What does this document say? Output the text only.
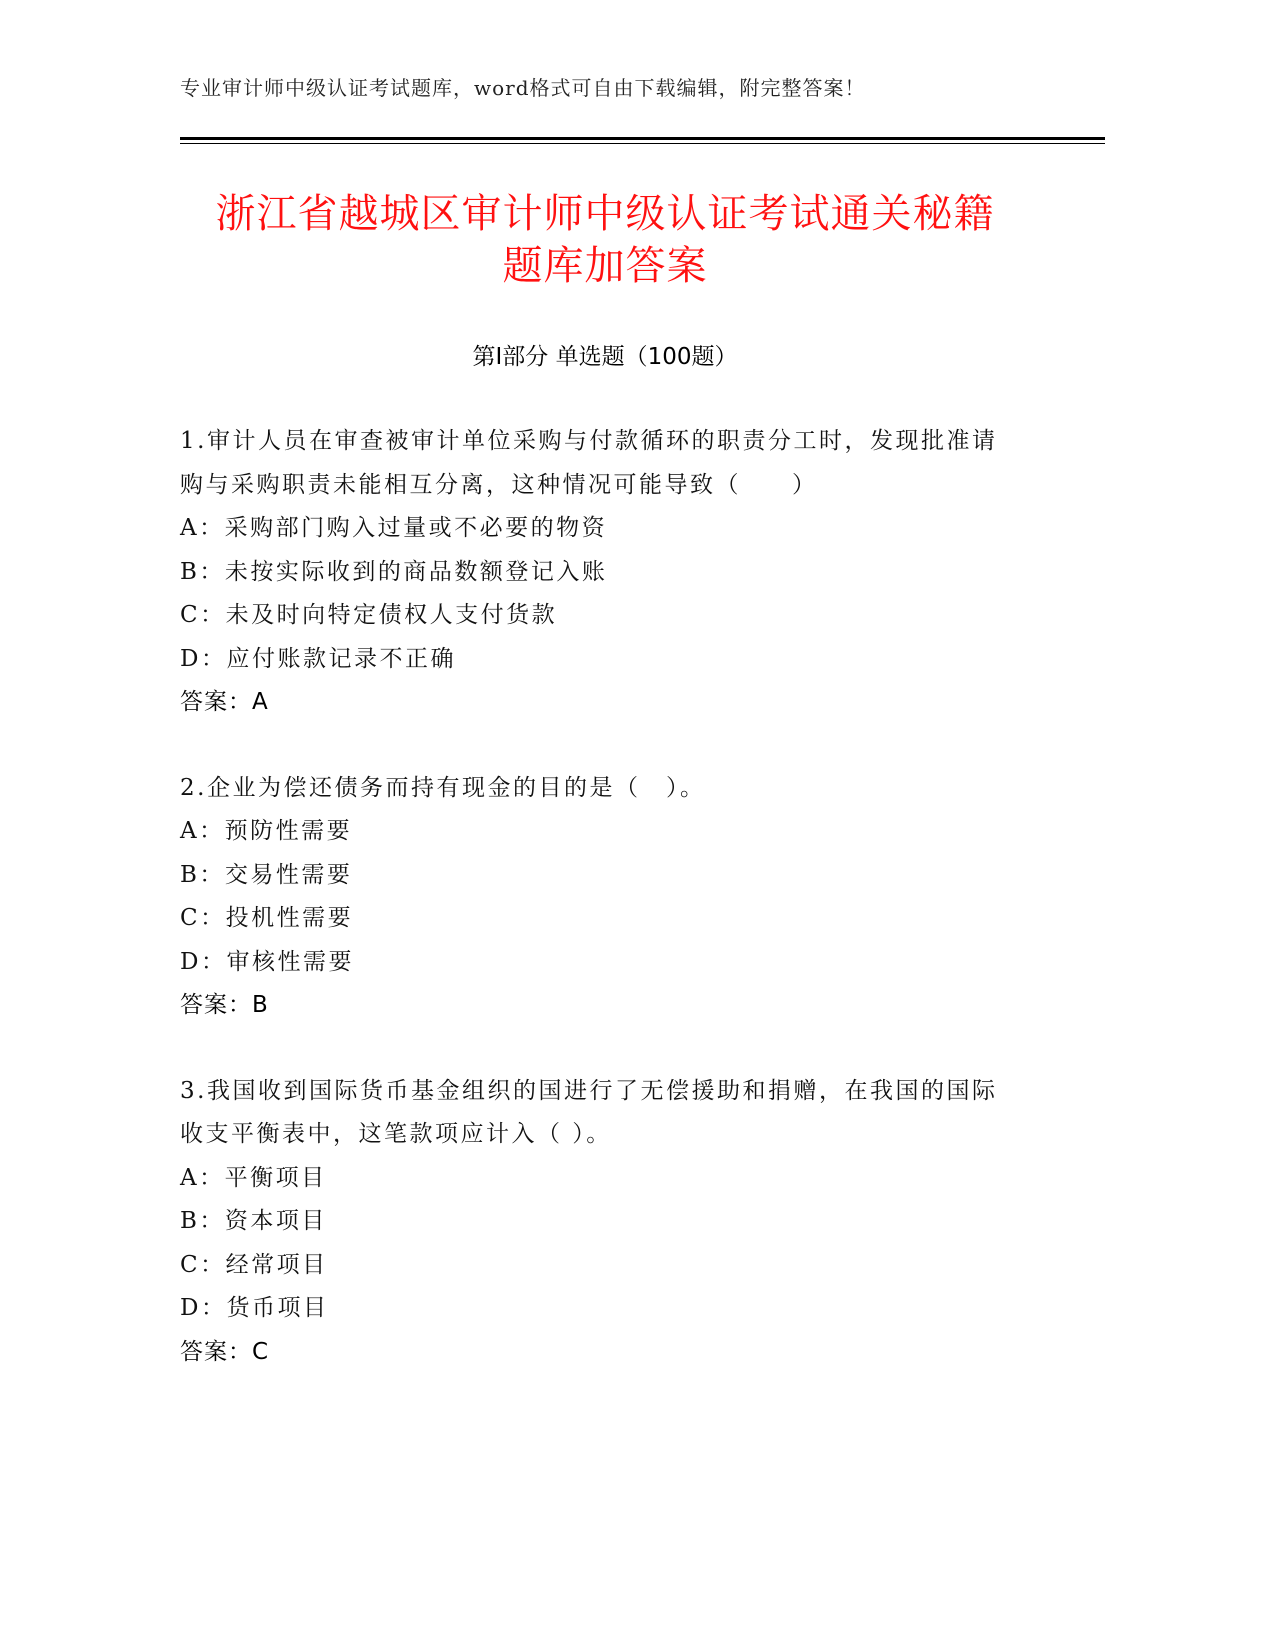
专业审计师中级认证考试题库，word格式可自由下载编辑，附完整答案！
浙江省越城区审计师中级认证考试通关秘籍
题库加答案
第Ⅰ部分 单选题（100题）
1.审计人员在审查被审计单位采购与付款循环的职责分工时，发现批准请购与采购职责未能相互分离，这种情况可能导致（　　）
A：采购部门购入过量或不必要的物资
B：未按实际收到的商品数额登记入账
C：未及时向特定债权人支付货款
D：应付账款记录不正确
答案：A
2.企业为偿还债务而持有现金的目的是（　）。
A：预防性需要
B：交易性需要
C：投机性需要
D：审核性需要
答案：B
3.我国收到国际货币基金组织的国进行了无偿援助和捐赠，在我国的国际收支平衡表中，这笔款项应计入（ ）。
A：平衡项目
B：资本项目
C：经常项目
D：货币项目
答案：C
